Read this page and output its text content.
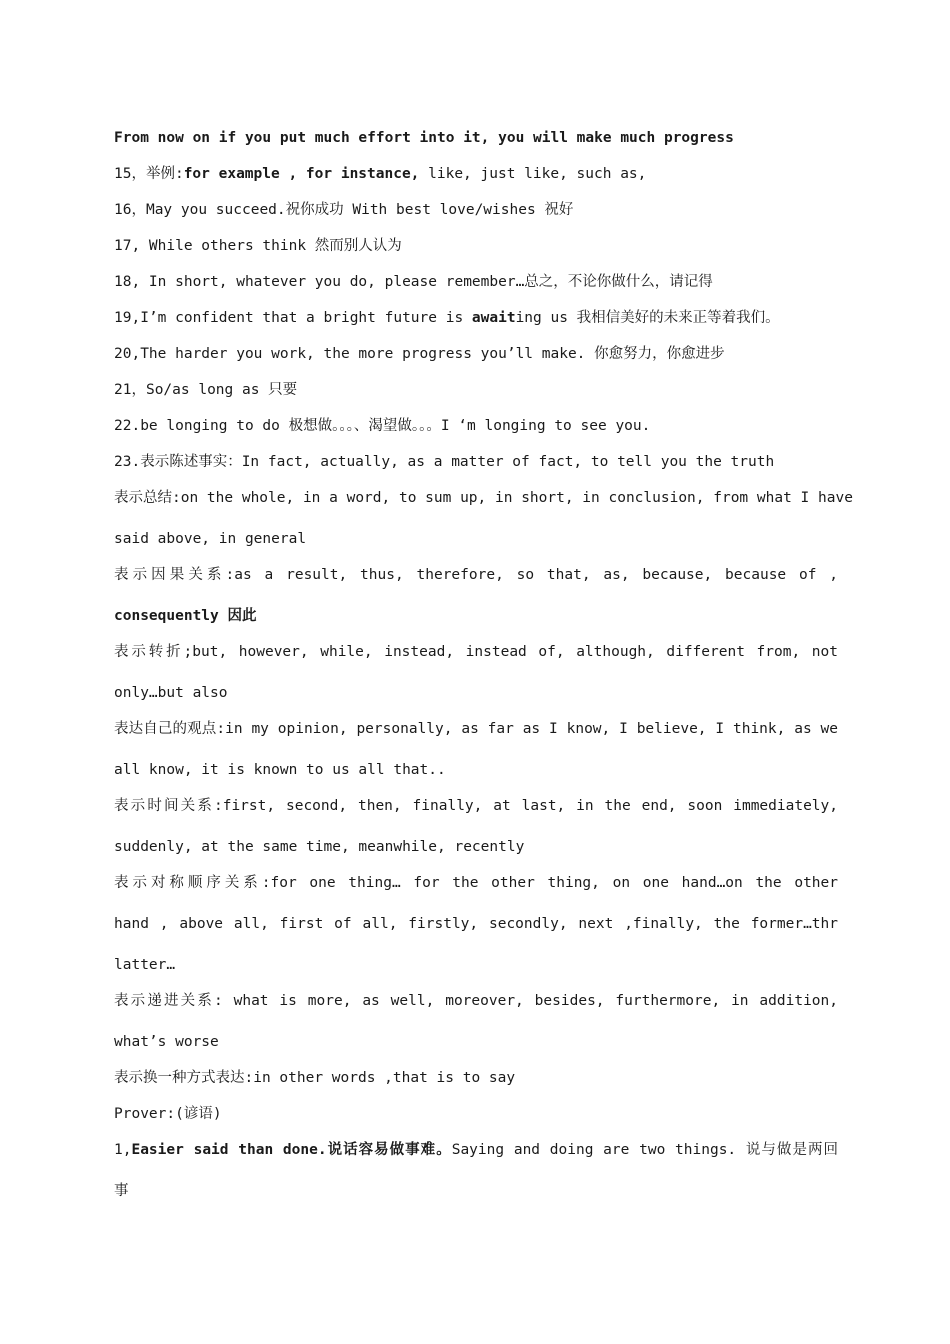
From now on if you put much effort into it, you will make much progress
15，举例:for example , for instance, like, just like, such as,
16，May you succeed.祝你成功 With best love/wishes 祝好
17, While others think 然而别人认为
18, In short, whatever you do, please remember…总之，不论你做什么，请记得
19,I’m confident that a bright future is awaiting us 我相信美好的未来正等着我们。
20,The harder you work, the more progress you’ll make. 你愈努力，你愈进步
21，So/as long as 只要
22.be longing to do 极想做。。。、渴望做。。。I ‘m longing to see you.
23.表示陈述事实：In fact, actually, as a matter of fact, to tell you the truth
表示总结:on the whole, in a word, to sum up, in short, in conclusion, from what I have
said above, in general
表示因果关系:as a result, thus, therefore, so that, as, because, because of ,
consequently 因此
表示转折;but, however, while, instead, instead of, although, different from, not
only…but also
表达自己的观点:in my opinion, personally, as far as I know, I believe, I think, as we
all know, it is known to us all that..
表示时间关系:first, second, then, finally, at last, in the end, soon immediately,
suddenly, at the same time, meanwhile, recently
表示对称顺序关系:for one thing… for the other thing, on one hand…on the other
hand , above all, first of all, firstly, secondly, next ,finally, the former…thr
latter…
表示递进关系: what is more, as well, moreover, besides, furthermore, in addition,
what’s worse
表示换一种方式表达:in other words ,that is to say
Prover:(谚语)
1,Easier said than done.说话容易做事难。Saying and doing are two things. 说与做是两回
事
